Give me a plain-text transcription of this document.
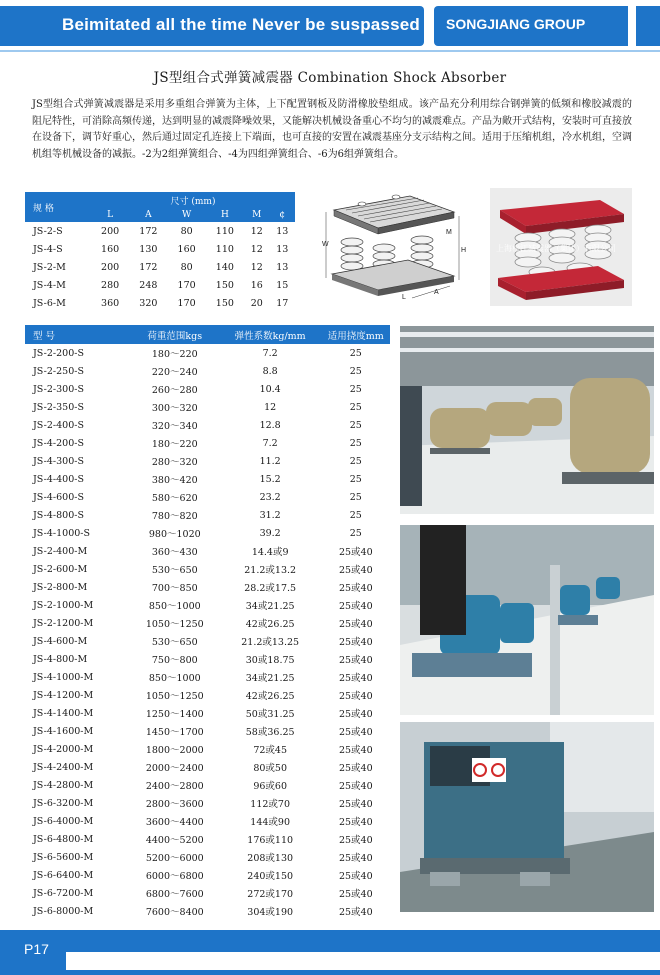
Beimitated all the time Never be suspassed SONGJIANG GROUP
JS型组合式弹簧减震器 Combination Shock Absorber
JS型组合式弹簧减震器是采用多重组合弹簧为主体，上下配置钢板及防滑橡胶垫组成。该产品充分利用综合钢弹簧的低频和橡胶减震的阻尼特性，可消除高频传递，达到明显的减震降噪效果，又能解决机械设备重心不均匀的减震难点。产品为敞开式结构，安装时可直接放在设备下，调节好重心，然后通过固定孔连接上下端面，也可直接的安置在减震基座分支示结构之间。适用于压缩机组，冷水机组，空调机组等机械设备的减振。-2为2组弹簧组合、-4为四组弹簧组合、-6为6组弹簧组合。
规 格	尺寸 (mm)					
	L	A	W	H	M	¢
JS-2-S	200	172	80	110	12	13
JS-4-S	160	130	160	110	12	13
JS-2-M	200	172	80	140	12	13
JS-4-M	280	248	170	150	16	15
JS-6-M	360	320	170	150	20	17
H
M
A
L
W	上海松江减震器（集团）有限公司
型 号	荷重范围kgs	弹性系数kg/mm	适用挠度mm
JS-2-200-S	180～220	7.2	25
JS-2-250-S	220～240	8.8	25
JS-2-300-S	260～280	10.4	25
JS-2-350-S	300～320	12	25
JS-2-400-S	320～340	12.8	25
JS-4-200-S	180～220	7.2	25
JS-4-300-S	280～320	11.2	25
JS-4-400-S	380～420	15.2	25
JS-4-600-S	580～620	23.2	25
JS-4-800-S	780～820	31.2	25
JS-4-1000-S	980～1020	39.2	25
JS-2-400-M	360～430	14.4或9	25或40
JS-2-600-M	530～650	21.2或13.2	25或40
JS-2-800-M	700～850	28.2或17.5	25或40
JS-2-1000-M	850～1000	34或21.25	25或40
JS-2-1200-M	1050～1250	42或26.25	25或40
JS-4-600-M	530～650	21.2或13.25	25或40
JS-4-800-M	750～800	30或18.75	25或40
JS-4-1000-M	850～1000	34或21.25	25或40
JS-4-1200-M	1050～1250	42或26.25	25或40
JS-4-1400-M	1250～1400	50或31.25	25或40
JS-4-1600-M	1450～1700	58或36.25	25或40
JS-4-2000-M	1800～2000	72或45	25或40
JS-4-2400-M	2000～2400	80或50	25或40
JS-4-2800-M	2400～2800	96或60	25或40
JS-6-3200-M	2800～3600	112或70	25或40
JS-6-4000-M	3600～4400	144或90	25或40
JS-6-4800-M	4400～5200	176或110	25或40
JS-6-5600-M	5200～6000	208或130	25或40
JS-6-6400-M	6000～6800	240或150	25或40
JS-6-7200-M	6800～7600	272或170	25或40
JS-6-8000-M	7600～8400	304或190	25或40
P17
